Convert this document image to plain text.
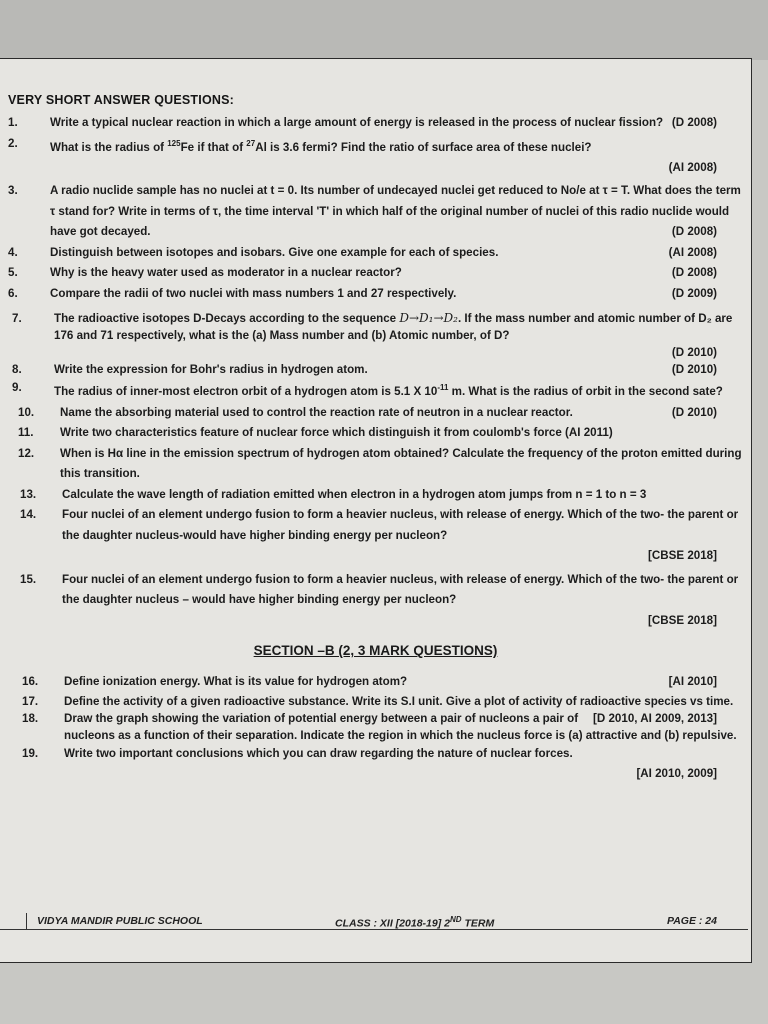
VERY SHORT ANSWER QUESTIONS:
1.	Write a typical nuclear reaction in which a large amount of energy is released in the process of nuclear fission? (D 2008)
2.	What is the radius of $^{125}$Fe if that of $^{27}$Al is 3.6 fermi? Find the ratio of surface area of these nuclei?
(AI 2008)
3.	A radio nuclide sample has no nuclei at t = 0. Its number of undecayed nuclei get reduced to No/e at τ = T. What does the term τ stand for? Write in terms of τ, the time interval 'T' in which half of the original number of nuclei of this radio nuclide would have got decayed.	(D 2008)
4.	Distinguish between isotopes and isobars. Give one example for each of species.	(AI 2008)
5.	Why is the heavy water used as moderator in a nuclear reactor?	(D 2008)
6.	Compare the radii of two nuclei with mass numbers 1 and 27 respectively.	(D 2009)
7.	The radioactive isotopes D-Decays according to the sequence D→D₁→D₂. If the mass number and atomic number of D₂ are 176 and 71 respectively, what is the (a) Mass number and (b) Atomic number, of D?
(D 2010)
8.	Write the expression for Bohr's radius in hydrogen atom.	(D 2010)
9.	The radius of inner-most electron orbit of a hydrogen atom is 5.1 X $10^{-11}$ m. What is the radius of orbit in the second sate?
(D 2010)
10.	Name the absorbing material used to control the reaction rate of neutron in a nuclear reactor.
11.	Write two characteristics feature of nuclear force which distinguish it from coulomb's force (AI 2011)
12.	When is Hα line in the emission spectrum of hydrogen atom obtained? Calculate the frequency of the proton emitted during this transition.
13.	Calculate the wave length of radiation emitted when electron in a hydrogen atom jumps from n = 1 to n = 3
14.	Four nuclei of an element undergo fusion to form a heavier nucleus, with release of energy. Which of the two- the parent or the daughter nucleus-would have higher binding energy per nucleon?
[CBSE 2018]
15.	Four nuclei of an element undergo fusion to form a heavier nucleus, with release of energy. Which of the two- the parent or the daughter nucleus – would have higher binding energy per nucleon?
[CBSE 2018]
SECTION –B (2, 3 MARK QUESTIONS)
16.	Define ionization energy. What is its value for hydrogen atom?	[AI 2010]
17.	Define the activity of a given radioactive substance. Write its S.I unit. Give a plot of activity of radioactive species vs time.
[D 2010, AI 2009, 2013]
18.	Draw the graph showing the variation of potential energy between a pair of nucleons a pair of nucleons as a function of their separation. Indicate the region in which the nucleus force is (a) attractive and (b) repulsive.
19.	Write two important conclusions which you can draw regarding the nature of nuclear forces.
[AI 2010, 2009]
VIDYA MANDIR PUBLIC SCHOOL	CLASS : XII [2018-19] 2ND TERM	PAGE : 24
